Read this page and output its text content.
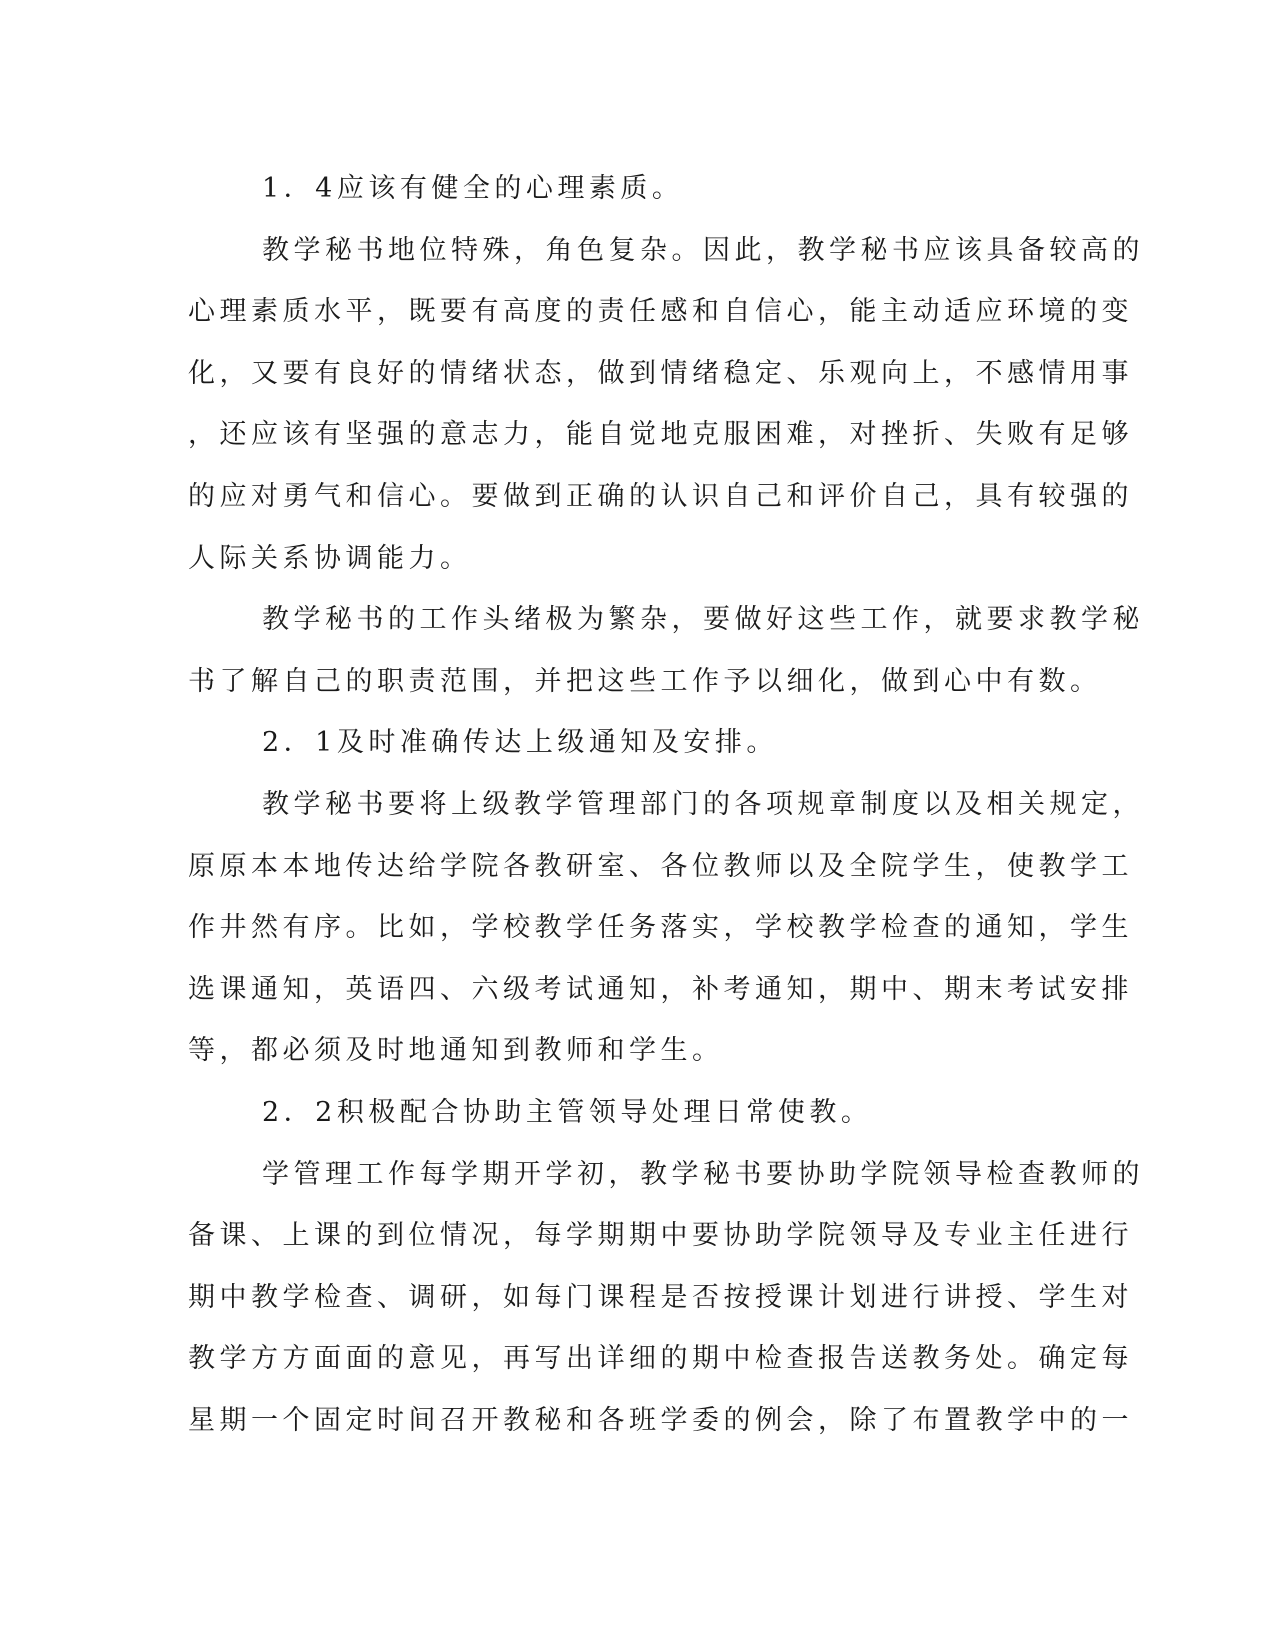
1．4应该有健全的心理素质。
教学秘书地位特殊，角色复杂。因此，教学秘书应该具备较高的
心理素质水平，既要有高度的责任感和自信心，能主动适应环境的变
化，又要有良好的情绪状态，做到情绪稳定、乐观向上，不感情用事
，还应该有坚强的意志力，能自觉地克服困难，对挫折、失败有足够
的应对勇气和信心。要做到正确的认识自己和评价自己，具有较强的
人际关系协调能力。
教学秘书的工作头绪极为繁杂，要做好这些工作，就要求教学秘
书了解自己的职责范围，并把这些工作予以细化，做到心中有数。
2．1及时准确传达上级通知及安排。
教学秘书要将上级教学管理部门的各项规章制度以及相关规定，
原原本本地传达给学院各教研室、各位教师以及全院学生，使教学工
作井然有序。比如，学校教学任务落实，学校教学检查的通知，学生
选课通知，英语四、六级考试通知，补考通知，期中、期末考试安排
等，都必须及时地通知到教师和学生。
2．2积极配合协助主管领导处理日常使教。
学管理工作每学期开学初，教学秘书要协助学院领导检查教师的
备课、上课的到位情况，每学期期中要协助学院领导及专业主任进行
期中教学检查、调研，如每门课程是否按授课计划进行讲授、学生对
教学方方面面的意见，再写出详细的期中检查报告送教务处。确定每
星期一个固定时间召开教秘和各班学委的例会，除了布置教学中的一
